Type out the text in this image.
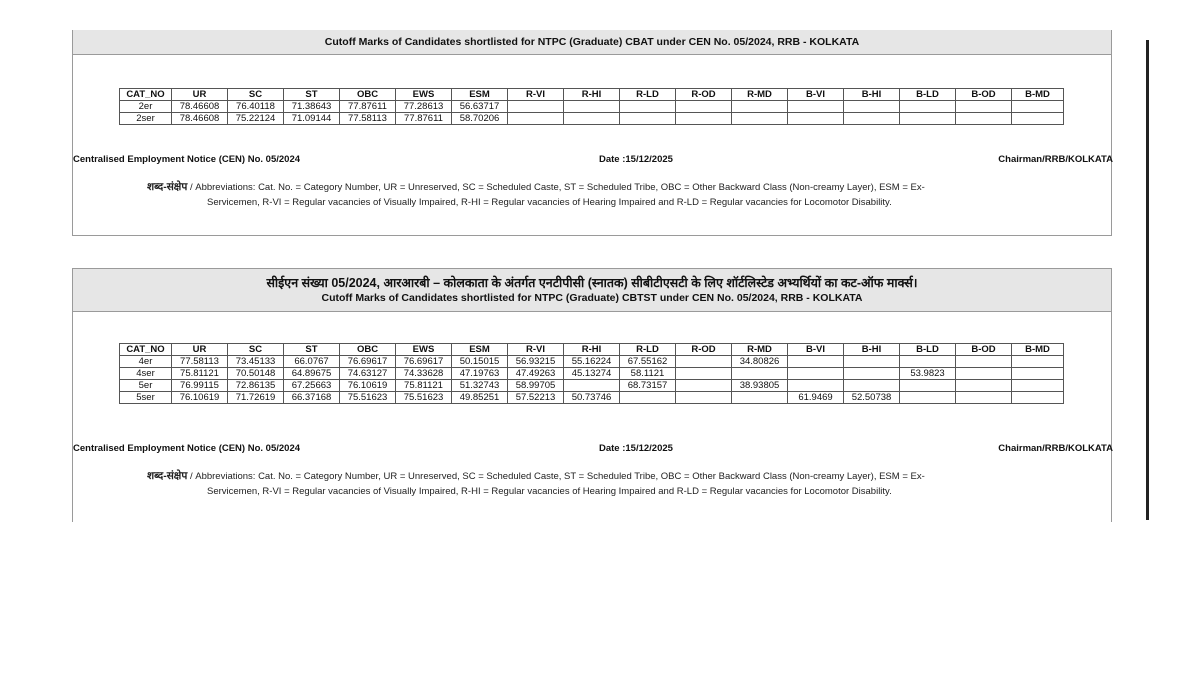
Cutoff Marks of Candidates shortlisted for NTPC (Graduate) CBAT under CEN No. 05/2024, RRB - KOLKATA
CAT_NO	UR	SC	ST	OBC	EWS	ESM	R-VI	R-HI	R-LD	R-OD	R-MD	B-VI	B-HI	B-LD	B-OD	B-MD
2er	78.46608	76.40118	71.38643	77.87611	77.28613	56.63717										
2ser	78.46608	75.22124	71.09144	77.58113	77.87611	58.70206										
Centralised Employment Notice (CEN) No. 05/2024	Date :15/12/2025	Chairman/RRB/KOLKATA
शब्द-संक्षेप / Abbreviations: Cat. No. = Category Number, UR = Unreserved, SC = Scheduled Caste, ST = Scheduled Tribe, OBC = Other Backward Class (Non-creamy Layer), ESM = Ex-
Servicemen, R-VI = Regular vacancies of Visually Impaired, R-HI = Regular vacancies of Hearing Impaired and R-LD = Regular vacancies for Locomotor Disability.
सीईएन संख्या 05/2024, आरआरबी – कोलकाता के अंतर्गत एनटीपीसी (स्नातक) सीबीटीएसटी के लिए शॉर्टलिस्टेड अभ्यर्थियों का कट-ऑफ मार्क्स।
Cutoff Marks of Candidates shortlisted for NTPC (Graduate) CBTST under CEN No. 05/2024, RRB - KOLKATA
CAT_NO	UR	SC	ST	OBC	EWS	ESM	R-VI	R-HI	R-LD	R-OD	R-MD	B-VI	B-HI	B-LD	B-OD	B-MD
4er	77.58113	73.45133	66.0767	76.69617	76.69617	50.15015	56.93215	55.16224	67.55162		34.80826					
4ser	75.81121	70.50148	64.89675	74.63127	74.33628	47.19763	47.49263	45.13274	58.1121					53.9823		
5er	76.99115	72.86135	67.25663	76.10619	75.81121	51.32743	58.99705		68.73157		38.93805					
5ser	76.10619	71.72619	66.37168	75.51623	75.51623	49.85251	57.52213	50.73746				61.9469	52.50738			
Centralised Employment Notice (CEN) No. 05/2024	Date :15/12/2025	Chairman/RRB/KOLKATA
शब्द-संक्षेप / Abbreviations: Cat. No. = Category Number, UR = Unreserved, SC = Scheduled Caste, ST = Scheduled Tribe, OBC = Other Backward Class (Non-creamy Layer), ESM = Ex-
Servicemen, R-VI = Regular vacancies of Visually Impaired, R-HI = Regular vacancies of Hearing Impaired and R-LD = Regular vacancies for Locomotor Disability.
